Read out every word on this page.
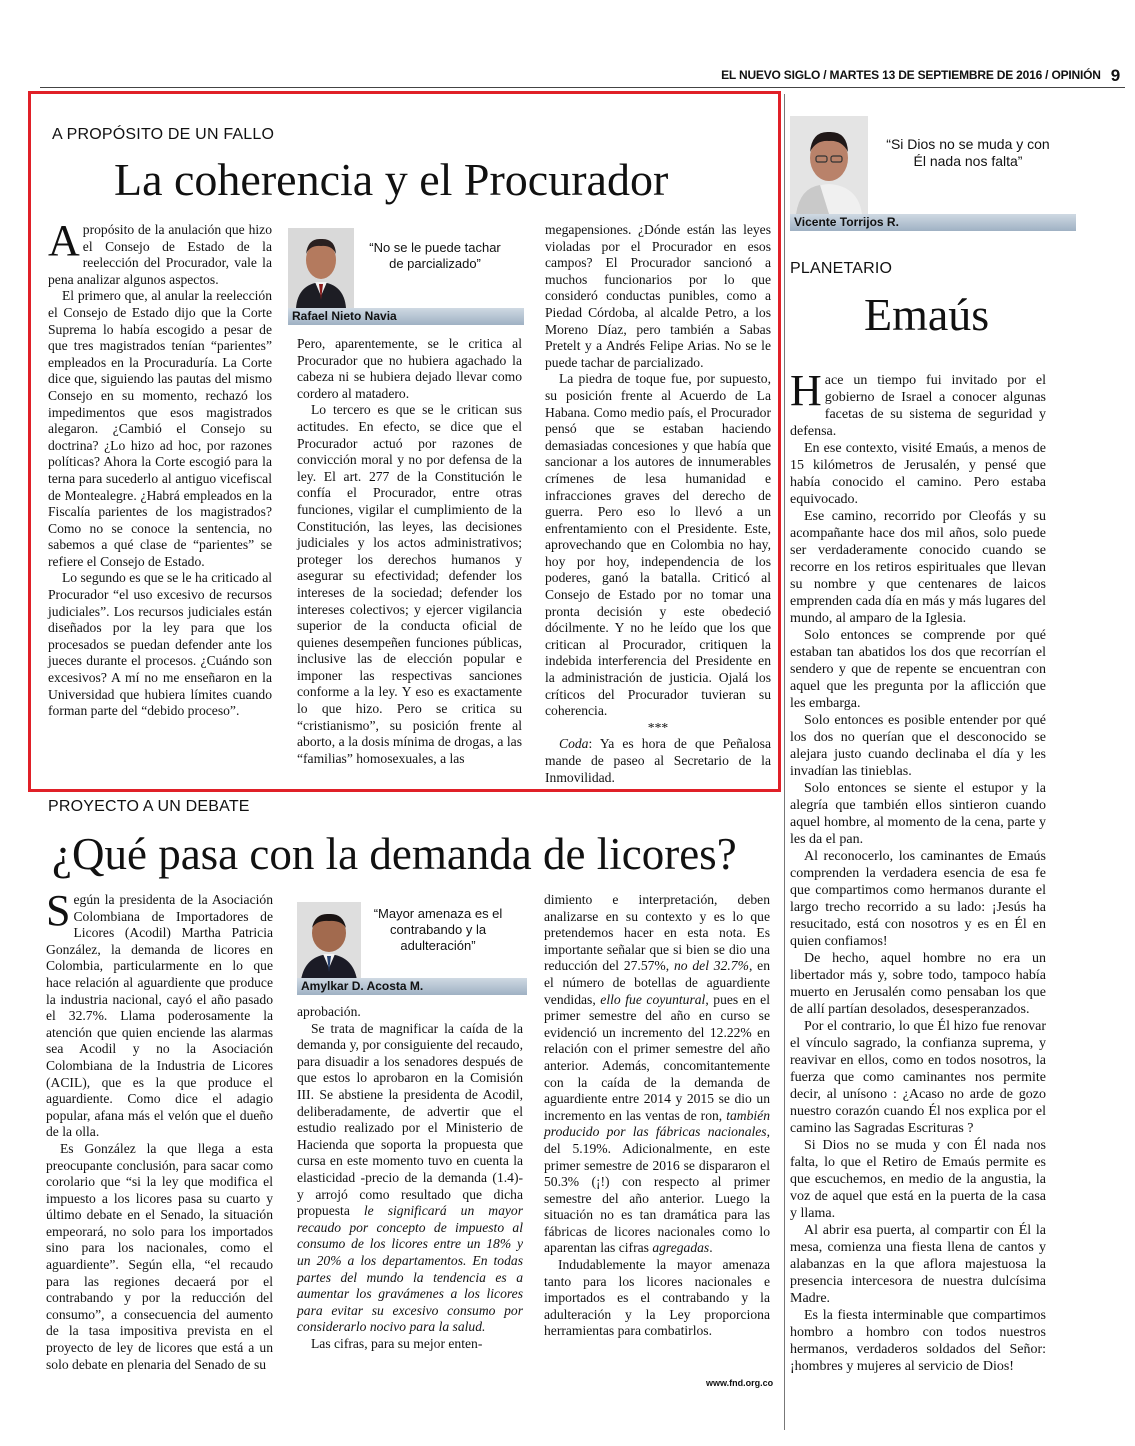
EL NUEVO SIGLO / MARTES 13 DE SEPTIEMBRE DE 2016 / OPINIÓN 9
A PROPÓSITO DE UN FALLO
La coherencia y el Procurador

Apropósito de la anulación que hizo el Consejo de Estado de la reelección del Procurador, vale la pena analizar algunos aspectos.

El primero que, al anular la reelección el Consejo de Estado dijo que la Corte Suprema lo había escogido a pesar de que tres magistrados tenían “parientes” empleados en la Procuraduría. La Corte dice que, siguiendo las pautas del mismo Consejo en su momento, rechazó los impedimentos que esos magistrados alegaron. ¿Cambió el Consejo su doctrina? ¿Lo hizo ad hoc, por razones políticas? Ahora la Corte escogió para la terna para sucederlo al antiguo vicefiscal de Montealegre. ¿Habrá empleados en la Fiscalía parientes de los magistrados? Como no se conoce la sentencia, no sabemos a qué clase de “parientes” se refiere el Consejo de Estado.

Lo segundo es que se le ha criticado al Procurador “el uso excesivo de recursos judiciales”. Los recursos judiciales están diseñados por la ley para que los procesados se puedan defender ante los jueces durante el procesos. ¿Cuándo son excesivos? A mí no me enseñaron en la Universidad que hubiera límites cuando forman parte del “debido proceso”.

“No se le puede tachar de parcializado”
Rafael Nieto Navia

Pero, aparentemente, se le critica al Procurador que no hubiera agachado la cabeza ni se hubiera dejado llevar como cordero al matadero.

Lo tercero es que se le critican sus actitudes. En efecto, se dice que el Procurador actuó por razones de convicción moral y no por defensa de la ley. El art. 277 de la Constitución le confía el Procurador, entre otras funciones, vigilar el cumplimiento de la Constitución, las leyes, las decisiones judiciales y los actos administrativos; proteger los derechos humanos y asegurar su efectividad; defender los intereses de la sociedad; defender los intereses colectivos; y ejercer vigilancia superior de la conducta oficial de quienes desempeñen funciones públicas, inclusive las de elección popular e imponer las respectivas sanciones conforme a la ley. Y eso es exactamente lo que hizo. Pero se critica su “cristianismo”, su posición frente al aborto, a la dosis mínima de drogas, a las “familias” homosexuales, a las

megapensiones. ¿Dónde están las leyes violadas por el Procurador en esos campos? El Procurador sancionó a muchos funcionarios por lo que consideró conductas punibles, como a Piedad Córdoba, al alcalde Petro, a los Moreno Díaz, pero también a Sabas Pretelt y a Andrés Felipe Arias. No se le puede tachar de parcializado.

La piedra de toque fue, por supuesto, su posición frente al Acuerdo de La Habana. Como medio país, el Procurador pensó que se estaban haciendo demasiadas concesiones y que había que sancionar a los autores de innumerables crímenes de lesa humanidad e infracciones graves del derecho de guerra. Pero eso lo llevó a un enfrentamiento con el Presidente. Este, aprovechando que en Colombia no hay, hoy por hoy, independencia de los poderes, ganó la batalla. Criticó al Consejo de Estado por no tomar una pronta decisión y este obedeció dócilmente. Y no he leído que los que critican al Procurador, critiquen la indebida interferencia del Presidente en la administración de justicia. Ojalá los críticos del Procurador tuvieran su coherencia.

***

Coda: Ya es hora de que Peñalosa mande de paseo al Secretario de la Inmovilidad.

PROYECTO A UN DEBATE
¿Qué pasa con la demanda de licores?

Según la presidenta de la Asociación Colombiana de Importadores de Licores (Acodil) Martha Patricia González, la demanda de licores en Colombia, particularmente en lo que hace relación al aguardiente que produce la industria nacional, cayó el año pasado el 32.7%. Llama poderosamente la atención que quien enciende las alarmas sea Acodil y no la Asociación Colombiana de la Industria de Licores (ACIL), que es la que produce el aguardiente. Como dice el adagio popular, afana más el velón que el dueño de la olla.

Es González la que llega a esta preocupante conclusión, para sacar como corolario que “si la ley que modifica el impuesto a los licores pasa su cuarto y último debate en el Senado, la situación empeorará, no solo para los importados sino para los nacionales, como el aguardiente”. Según ella, “el recaudo para las regiones decaerá por el contrabando y por la reducción del consumo”, a consecuencia del aumento de la tasa impositiva prevista en el proyecto de ley de licores que está a un solo debate en plenaria del Senado de su

“Mayor amenaza es el contrabando y la adulteración”
Amylkar D. Acosta M.

aprobación.

Se trata de magnificar la caída de la demanda y, por consiguiente del recaudo, para disuadir a los senadores después de que estos lo aprobaron en la Comisión III. Se abstiene la presidenta de Acodil, deliberadamente, de advertir que el estudio realizado por el Ministerio de Hacienda que soporta la propuesta que cursa en este momento tuvo en cuenta la elasticidad -precio de la demanda (1.4)- y arrojó como resultado que dicha propuesta le significará un mayor recaudo por concepto de impuesto al consumo de los licores entre un 18% y un 20% a los departamentos. En todas partes del mundo la tendencia es a aumentar los gravámenes a los licores para evitar su excesivo consumo por considerarlo nocivo para la salud.

Las cifras, para su mejor enten-

dimiento e interpretación, deben analizarse en su contexto y es lo que pretendemos hacer en esta nota. Es importante señalar que si bien se dio una reducción del 27.57%, no del 32.7%, en el número de botellas de aguardiente vendidas, ello fue coyuntural, pues en el primer semestre del año en curso se evidenció un incremento del 12.22% en relación con el primer semestre del año anterior. Además, concomitantemente con la caída de la demanda de aguardiente entre 2014 y 2015 se dio un incremento en las ventas de ron, también producido por las fábricas nacionales, del 5.19%. Adicionalmente, en este primer semestre de 2016 se dispararon el 50.3% (¡!) con respecto al primer semestre del año anterior. Luego la situación no es tan dramática para las fábricas de licores nacionales como lo aparentan las cifras agregadas.

Indudablemente la mayor amenaza tanto para los licores nacionales e importados es el contrabando y la adulteración y la Ley proporciona herramientas para combatirlos.

www.fnd.org.co
“Si Dios no se muda y con Él nada nos falta”
Vicente Torrijos R.
PLANETARIO
Emaús

Hace un tiempo fui invitado por el gobierno de Israel a conocer algunas facetas de su sistema de seguridad y defensa.

En ese contexto, visité Emaús, a menos de 15 kilómetros de Jerusalén, y pensé que había conocido el camino. Pero estaba equivocado.

Ese camino, recorrido por Cleofás y su acompañante hace dos mil años, solo puede ser verdaderamente conocido cuando se recorre en los retiros espirituales que llevan su nombre y que centenares de laicos emprenden cada día en más y más lugares del mundo, al amparo de la Iglesia.

Solo entonces se comprende por qué estaban tan abatidos los dos que recorrían el sendero y que de repente se encuentran con aquel que les pregunta por la aflicción que les embarga.

Solo entonces es posible entender por qué los dos no querían que el desconocido se alejara justo cuando declinaba el día y les invadían las tinieblas.

Solo entonces se siente el estupor y la alegría que también ellos sintieron cuando aquel hombre, al momento de la cena, parte y les da el pan.

Al reconocerlo, los caminantes de Emaús comprenden la verdadera esencia de esa fe que compartimos como hermanos durante el largo trecho recorrido a su lado: ¡Jesús ha resucitado, está con nosotros y es en Él en quien confiamos!

De hecho, aquel hombre no era un libertador más y, sobre todo, tampoco había muerto en Jerusalén como pensaban los que de allí partían desolados, desesperanzados.

Por el contrario, lo que Él hizo fue renovar el vínculo sagrado, la confianza suprema, y reavivar en ellos, como en todos nosotros, la fuerza que como caminantes nos permite decir, al unísono : ¿Acaso no arde de gozo nuestro corazón cuando Él nos explica por el camino las Sagradas Escrituras ?

Si Dios no se muda y con Él nada nos falta, lo que el Retiro de Emaús permite es que escuchemos, en medio de la angustia, la voz de aquel que está en la puerta de la casa y llama.

Al abrir esa puerta, al compartir con Él la mesa, comienza una fiesta llena de cantos y alabanzas en la que aflora majestuosa la presencia intercesora de nuestra dulcísima Madre.

Es la fiesta interminable que compartimos hombro a hombro con todos nuestros hermanos, verdaderos soldados del Señor: ¡hombres y mujeres al servicio de Dios!
